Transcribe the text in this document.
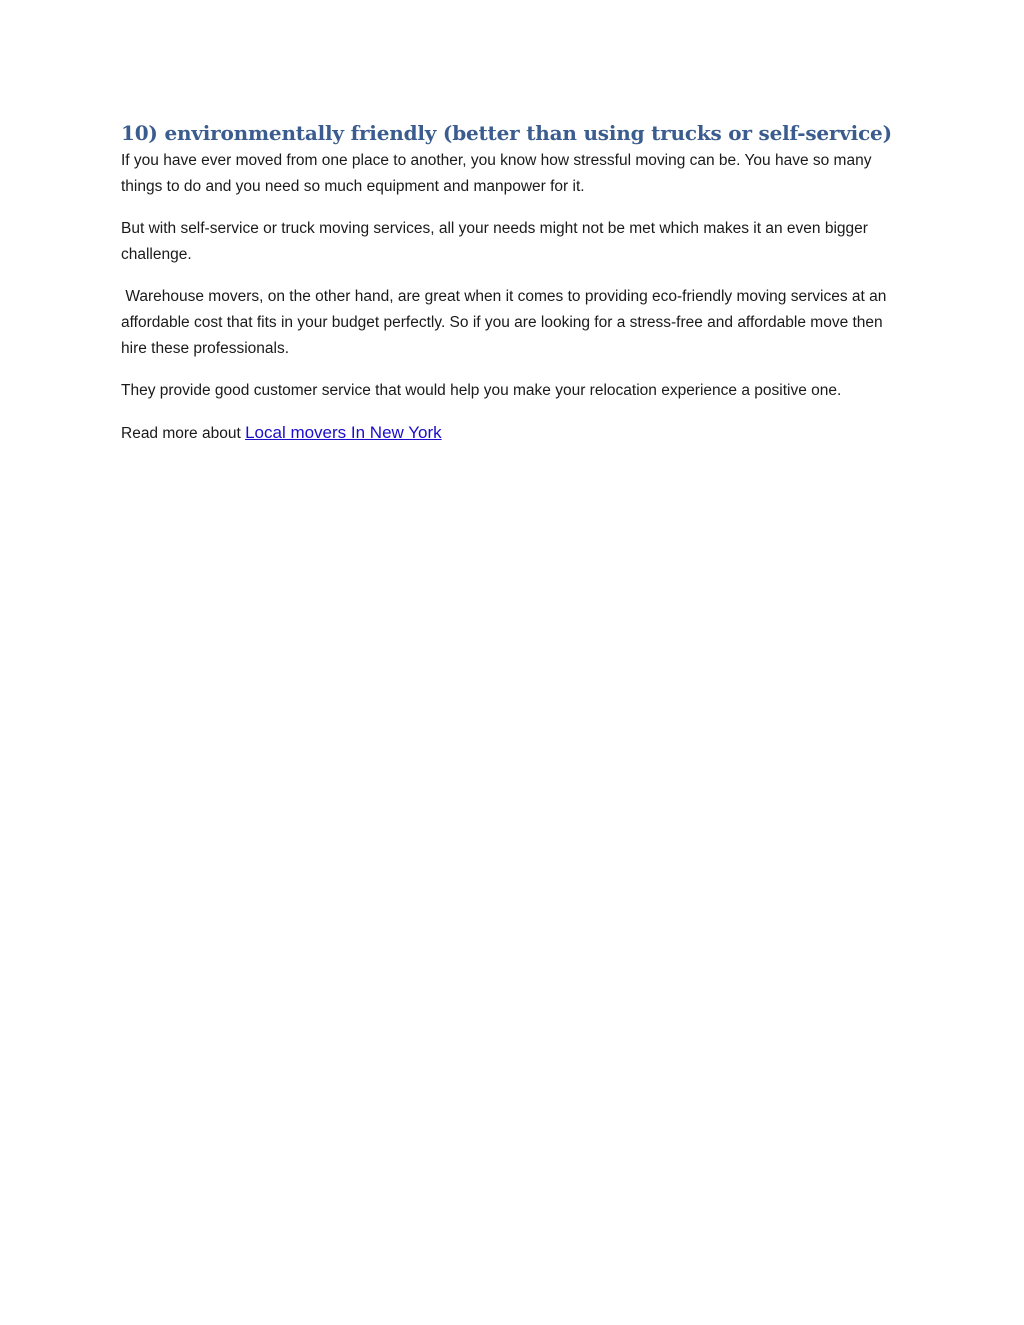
10) environmentally friendly (better than using trucks or self-service)

If you have ever moved from one place to another, you know how stressful moving can be. You have so many things to do and you need so much equipment and manpower for it.

But with self-service or truck moving services, all your needs might not be met which makes it an even bigger challenge.

Warehouse movers, on the other hand, are great when it comes to providing eco-friendly moving services at an affordable cost that fits in your budget perfectly. So if you are looking for a stress-free and affordable move then hire these professionals.

They provide good customer service that would help you make your relocation experience a positive one.

Read more about Local movers In New York
